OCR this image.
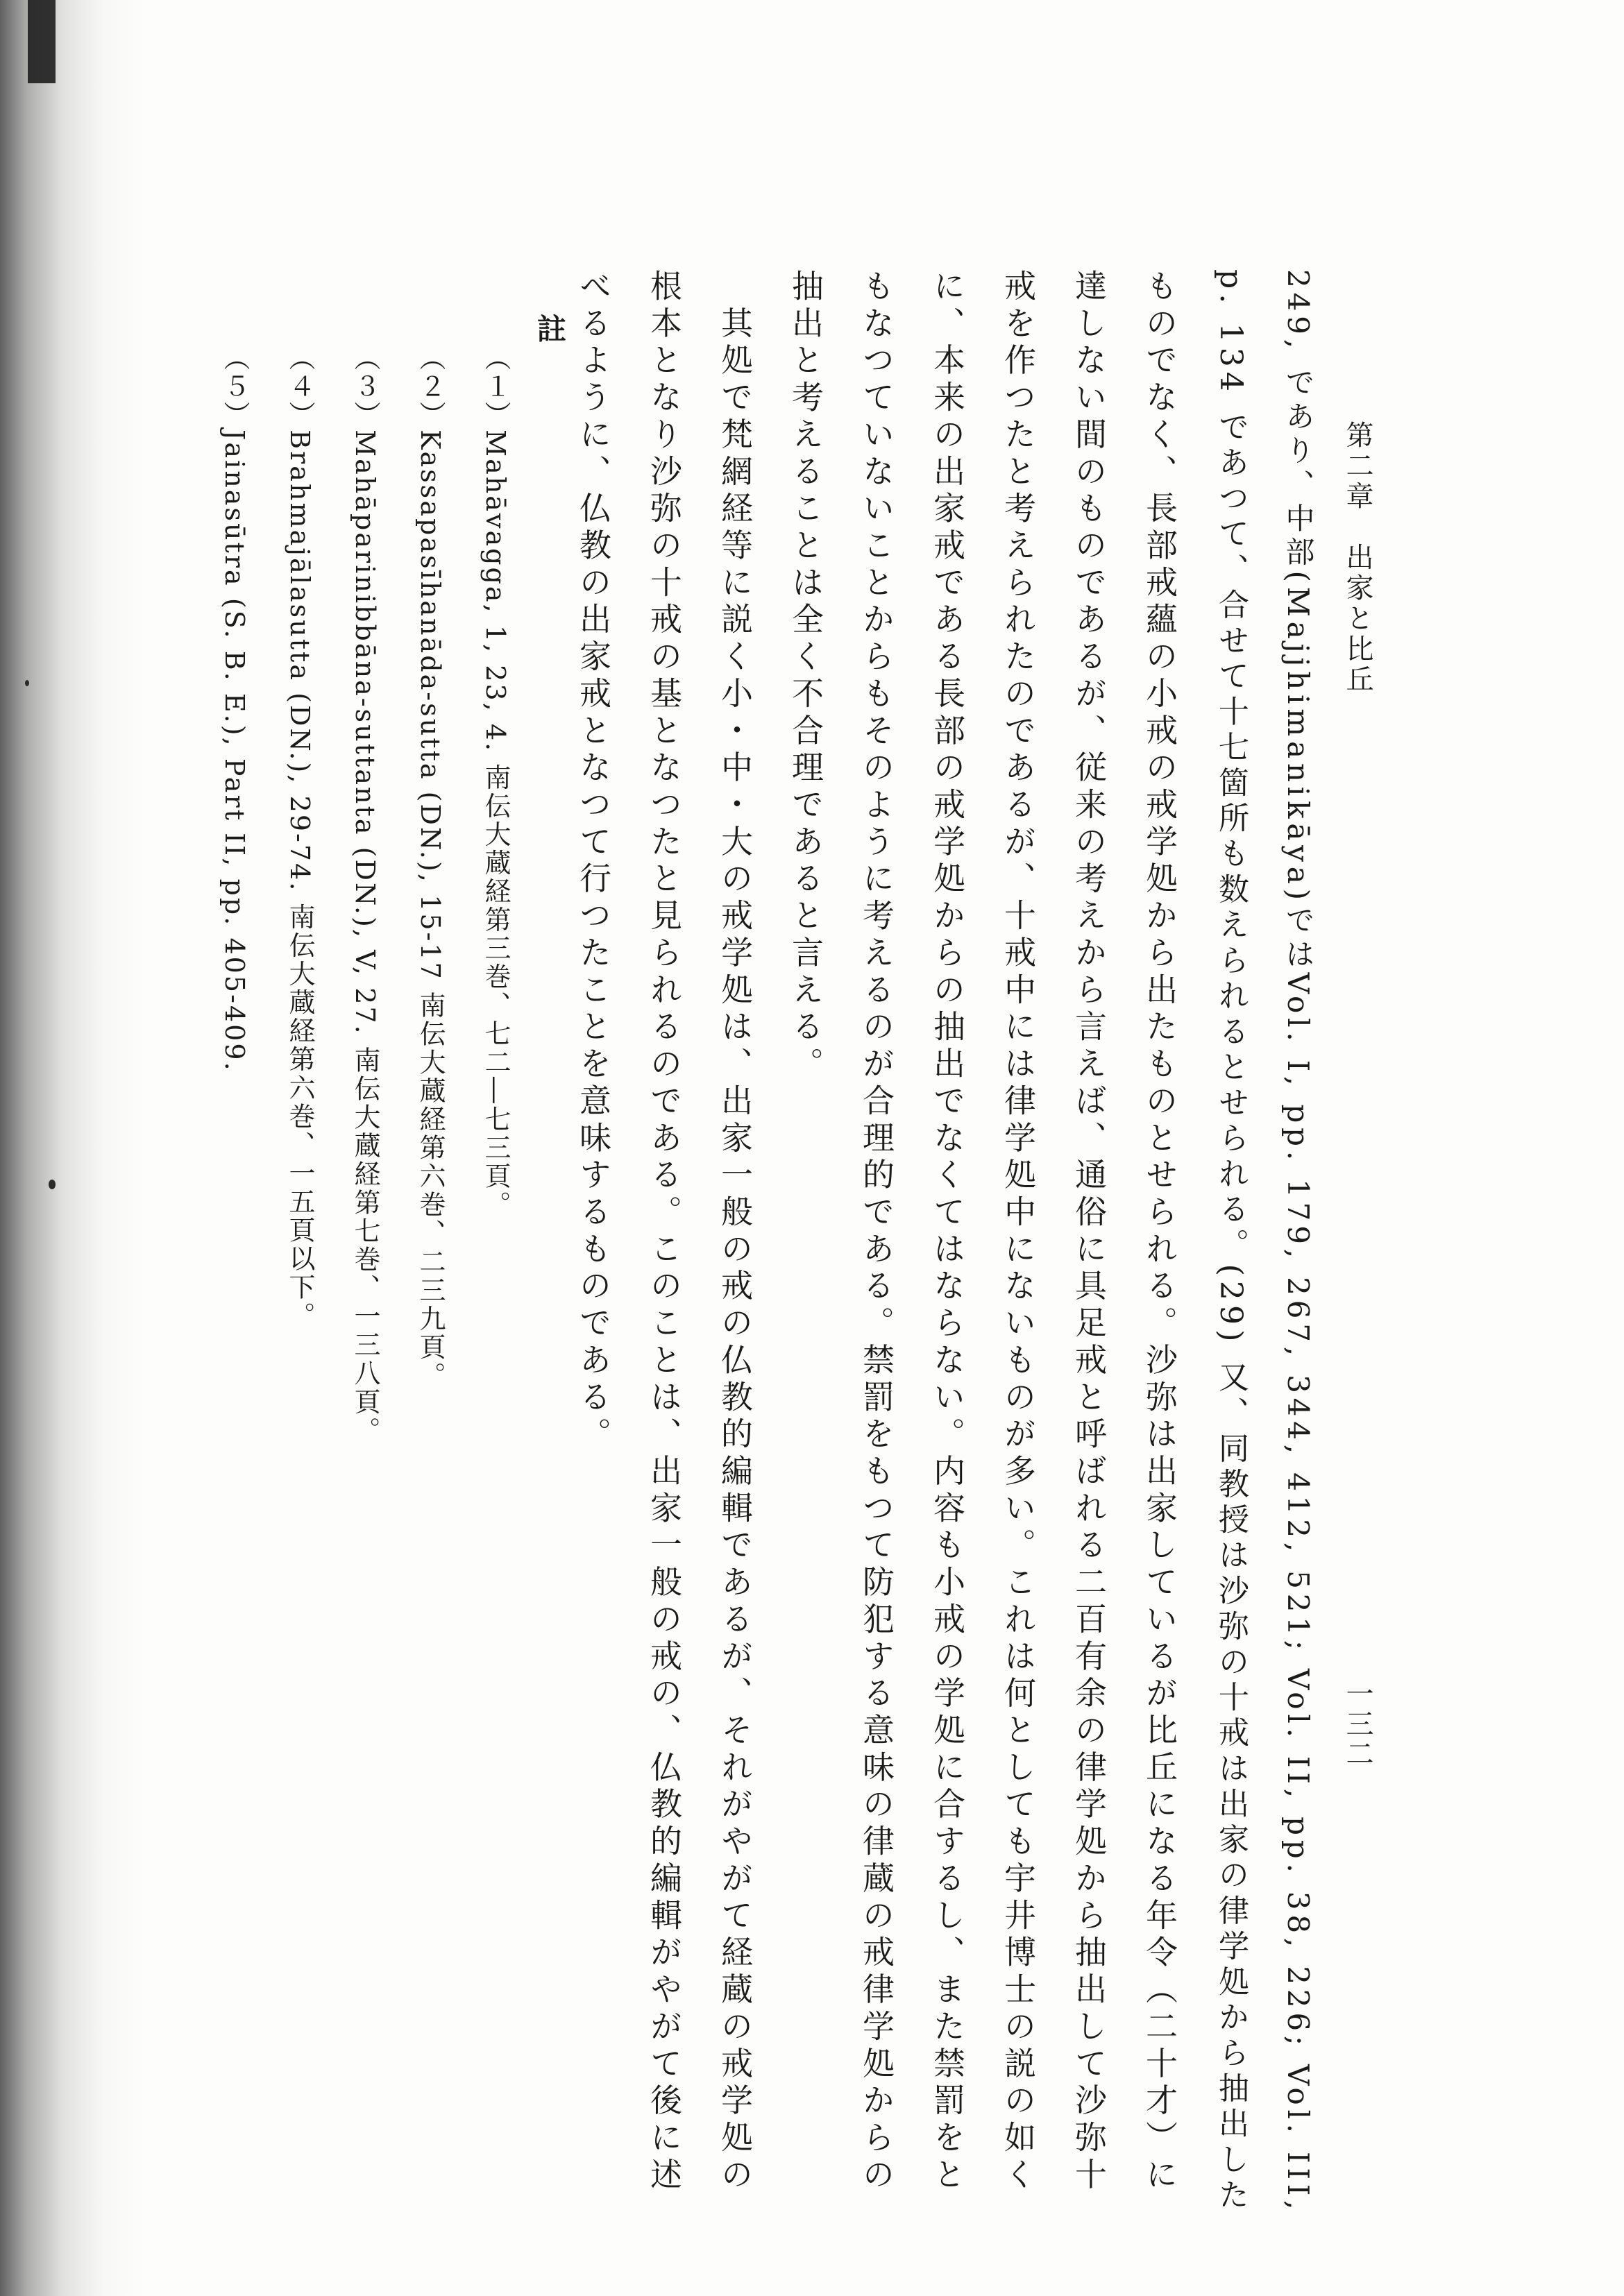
第二章　出家と比丘
一三二
249, であり、中部(Majjhimanikāya)ではVol. I, pp. 179, 267, 344, 412, 521; Vol. II, pp. 38, 226; Vol. III,
p. 134 であつて、合せて十七箇所も数えられるとせられる。(29) 又、同教授は沙弥の十戒は出家の律学処から抽出した
ものでなく、長部戒蘊の小戒の戒学処から出たものとせられる。沙弥は出家しているが比丘になる年令（二十才）に
達しない間のものであるが、従来の考えから言えば、通俗に具足戒と呼ばれる二百有余の律学処から抽出して沙弥十
戒を作つたと考えられたのであるが、十戒中には律学処中にないものが多い。これは何としても宇井博士の説の如く
に、本来の出家戒である長部の戒学処からの抽出でなくてはならない。内容も小戒の学処に合するし、また禁罰をと
もなつていないことからもそのように考えるのが合理的である。禁罰をもつて防犯する意味の律蔵の戒律学処からの
抽出と考えることは全く不合理であると言える。
　其処で梵網経等に説く小・中・大の戒学処は、出家一般の戒の仏教的編輯であるが、それがやがて経蔵の戒学処の
根本となり沙弥の十戒の基となつたと見られるのである。このことは、出家一般の戒の、仏教的編輯がやがて後に述
べるように、仏教の出家戒となつて行つたことを意味するものである。
註
（１）Mahāvagga, 1, 23, 4. 南伝大蔵経第三巻、七二―七三頁。
（２）Kassapasīhanāda-sutta (DN.), 15-17 南伝大蔵経第六巻、二三九頁。
（３）Mahāparinibbāna-suttanta (DN.), V, 27. 南伝大蔵経第七巻、一三八頁。
（４）Brahmajālasutta (DN.), 29-74. 南伝大蔵経第六巻、一五頁以下。
（５）Jainasūtra (S. B. E.), Part II, pp. 405-409.
